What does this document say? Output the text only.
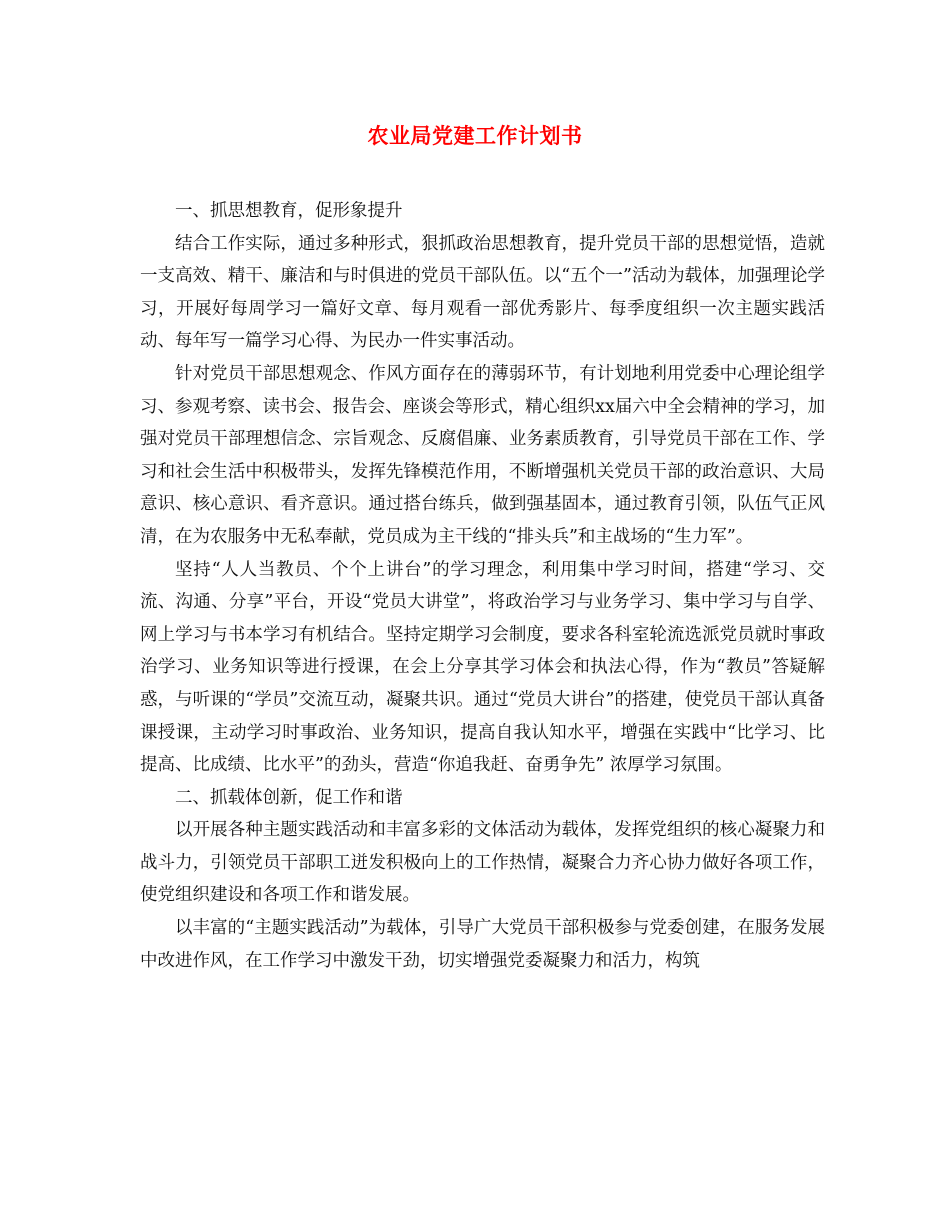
农业局党建工作计划书

一、抓思想教育，促形象提升

结合工作实际，通过多种形式，狠抓政治思想教育，提升党员干部的思想觉悟，造就一支高效、精干、廉洁和与时俱进的党员干部队伍。以“五个一”活动为载体，加强理论学习，开展好每周学习一篇好文章、每月观看一部优秀影片、每季度组织一次主题实践活动、每年写一篇学习心得、为民办一件实事活动。

针对党员干部思想观念、作风方面存在的薄弱环节，有计划地利用党委中心理论组学习、参观考察、读书会、报告会、座谈会等形式，精心组织xx届六中全会精神的学习，加强对党员干部理想信念、宗旨观念、反腐倡廉、业务素质教育，引导党员干部在工作、学习和社会生活中积极带头，发挥先锋模范作用，不断增强机关党员干部的政治意识、大局意识、核心意识、看齐意识。通过搭台练兵，做到强基固本，通过教育引领，队伍气正风清，在为农服务中无私奉献，党员成为主干线的“排头兵”和主战场的“生力军”。

坚持“人人当教员、个个上讲台”的学习理念，利用集中学习时间，搭建“学习、交流、沟通、分享”平台，开设“党员大讲堂”，将政治学习与业务学习、集中学习与自学、网上学习与书本学习有机结合。坚持定期学习会制度，要求各科室轮流选派党员就时事政治学习、业务知识等进行授课，在会上分享其学习体会和执法心得，作为“教员”答疑解惑，与听课的“学员”交流互动，凝聚共识。通过“党员大讲台”的搭建，使党员干部认真备课授课，主动学习时事政治、业务知识，提高自我认知水平，增强在实践中“比学习、比提高、比成绩、比水平”的劲头，营造“你追我赶、奋勇争先” 浓厚学习氛围。

二、抓载体创新，促工作和谐

以开展各种主题实践活动和丰富多彩的文体活动为载体，发挥党组织的核心凝聚力和战斗力，引领党员干部职工迸发积极向上的工作热情，凝聚合力齐心协力做好各项工作，使党组织建设和各项工作和谐发展。

以丰富的“主题实践活动”为载体，引导广大党员干部积极参与党委创建，在服务发展中改进作风，在工作学习中激发干劲，切实增强党委凝聚力和活力，构筑
